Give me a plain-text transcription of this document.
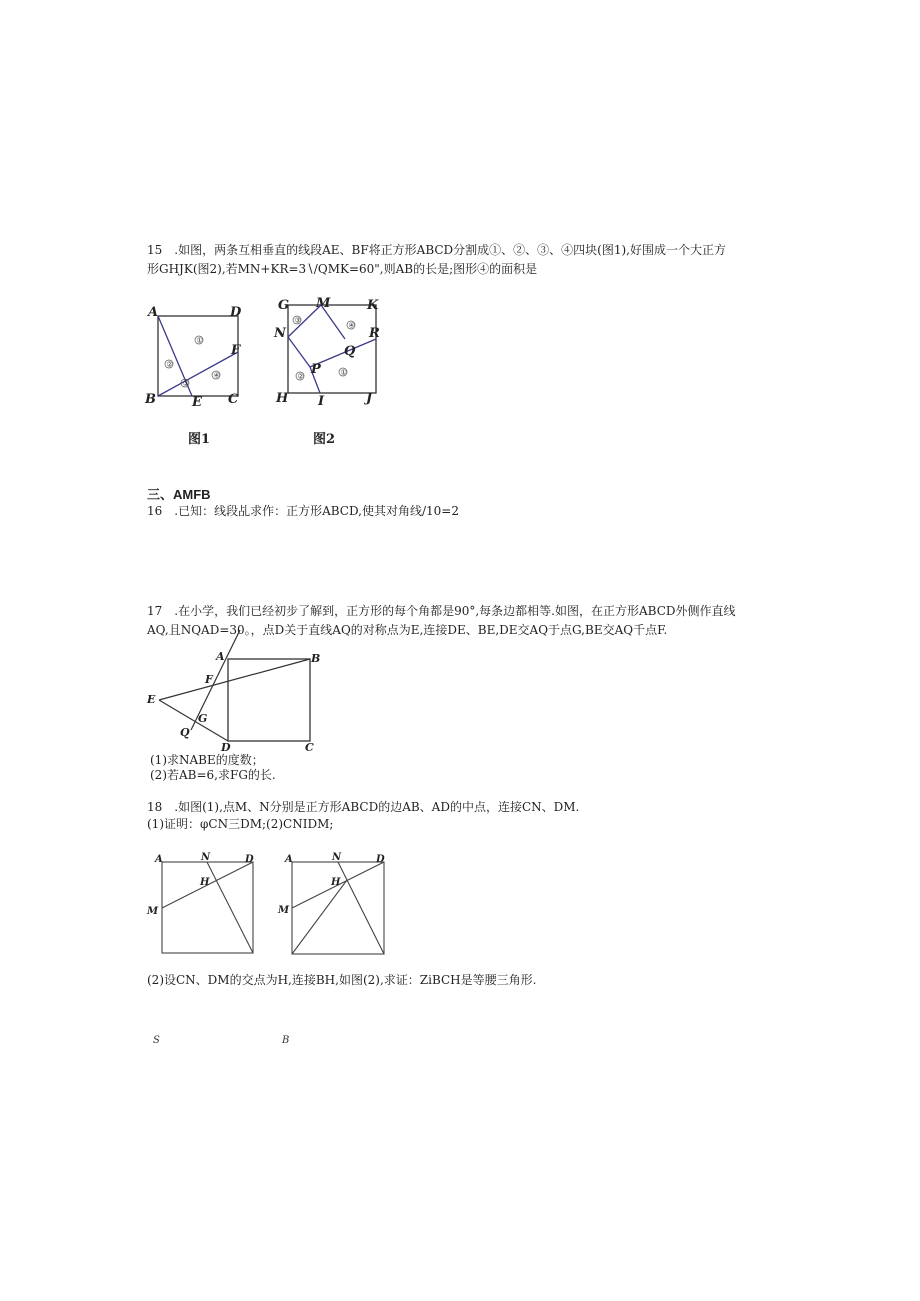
15　.如图，两条互相垂直的线段AE、BF将正方形ABCD分割成①、②、③、④四块(图1),好围成一个大正方
形GHJK(图2),若MN+KR=3∖/QMK=60",则AB的长是;图形④的面积是
A	D
F
B	E C
①
②
③
④
G M	K
N	R
Q
P
H I	J
③
④
②	①
图1	图2
三、AMFB
16　.已知：线段乩求作：正方形ABCD,使其对角线/10=2
17　.在小学，我们已经初步了解到，正方形的每个角都是90°,每条边都相等.如图，在正方形ABCD外侧作直线
AQ,且NQAD=30。，点D关于直线AQ的对称点为E,连接DE、BE,DE交AQ于点G,BE交AQ千点F.
A	B
F
E
G
Q
D	C
(1)求NABE的度数；
(2)若AB=6,求FG的长.
18　.如图(1),点M、N分别是正方形ABCD的边AB、AD的中点，连接CN、DM.
(1)证明：φCN三DM;(2)CNIDM;
A	N	D
H
M
A	N	D
H
M
(2)设CN、DM的交点为H,连接BH,如图(2),求证：ZiBCH是等腰三角形.
S	B
